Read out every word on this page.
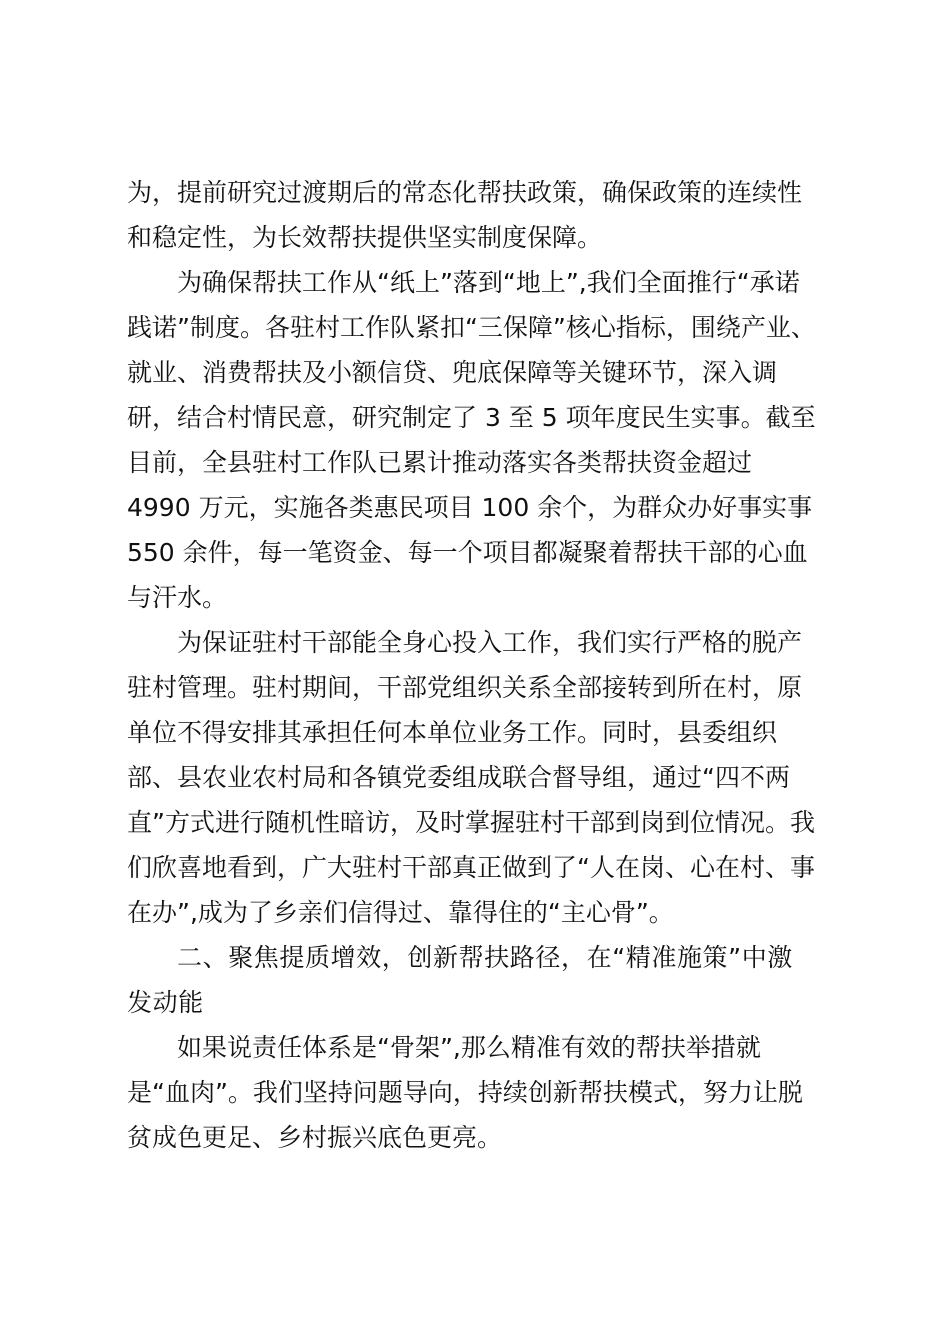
为，提前研究过渡期后的常态化帮扶政策，确保政策的连续性
和稳定性，为长效帮扶提供坚实制度保障。
为确保帮扶工作从“纸上”落到“地上”,我们全面推行“承诺
践诺”制度。各驻村工作队紧扣“三保障”核心指标，围绕产业、
就业、消费帮扶及小额信贷、兜底保障等关键环节，深入调
研，结合村情民意，研究制定了 3 至 5 项年度民生实事。截至
目前，全县驻村工作队已累计推动落实各类帮扶资金超过
4990 万元，实施各类惠民项目 100 余个，为群众办好事实事
550 余件，每一笔资金、每一个项目都凝聚着帮扶干部的心血
与汗水。
为保证驻村干部能全身心投入工作，我们实行严格的脱产
驻村管理。驻村期间，干部党组织关系全部接转到所在村，原
单位不得安排其承担任何本单位业务工作。同时，县委组织
部、县农业农村局和各镇党委组成联合督导组，通过“四不两
直”方式进行随机性暗访，及时掌握驻村干部到岗到位情况。我
们欣喜地看到，广大驻村干部真正做到了“人在岗、心在村、事
在办”,成为了乡亲们信得过、靠得住的“主心骨”。
二、聚焦提质增效，创新帮扶路径，在“精准施策”中激
发动能
如果说责任体系是“骨架”,那么精准有效的帮扶举措就
是“血肉”。我们坚持问题导向，持续创新帮扶模式，努力让脱
贫成色更足、乡村振兴底色更亮。
